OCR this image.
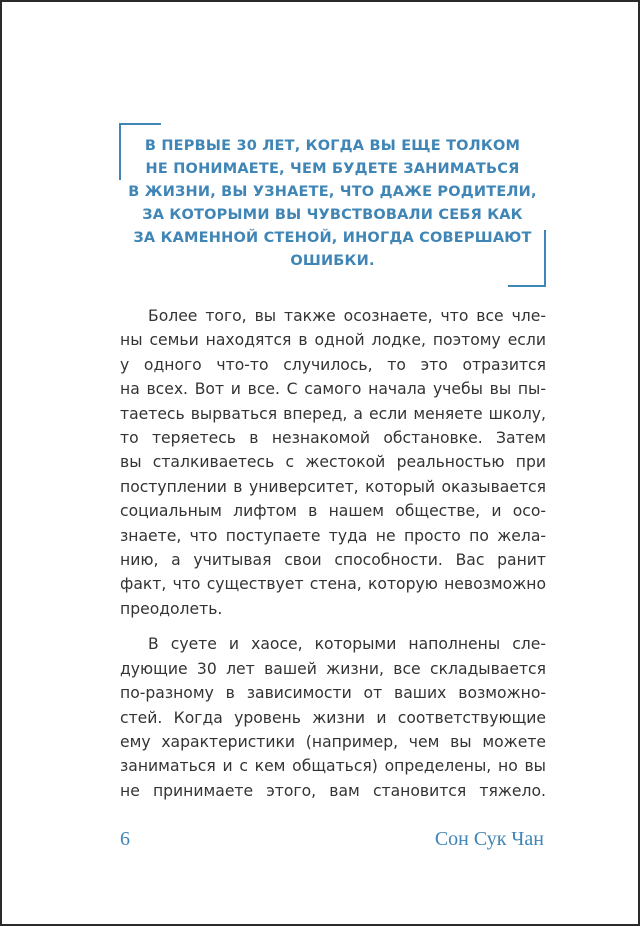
В ПЕРВЫЕ 30 ЛЕТ, КОГДА ВЫ ЕЩЕ ТОЛКОМ
НЕ ПОНИМАЕТЕ, ЧЕМ БУДЕТЕ ЗАНИМАТЬСЯ
В ЖИЗНИ, ВЫ УЗНАЕТЕ, ЧТО ДАЖЕ РОДИТЕЛИ,
ЗА КОТОРЫМИ ВЫ ЧУВСТВОВАЛИ СЕБЯ КАК
ЗА КАМЕННОЙ СТЕНОЙ, ИНОГДА СОВЕРШАЮТ
ОШИБКИ.
Более того, вы также осознаете, что все чле-
ны семьи находятся в одной лодке, поэтому если
у одного что-то случилось, то это отразится
на всех. Вот и все. С самого начала учебы вы пы-
таетесь вырваться вперед, а если меняете школу,
то теряетесь в незнакомой обстановке. Затем
вы сталкиваетесь с жестокой реальностью при
поступлении в университет, который оказывается
социальным лифтом в нашем обществе, и осо-
знаете, что поступаете туда не просто по жела-
нию, а учитывая свои способности. Вас ранит
факт, что существует стена, которую невозможно
преодолеть.
В суете и хаосе, которыми наполнены сле-
дующие 30 лет вашей жизни, все складывается
по-разному в зависимости от ваших возможно-
стей. Когда уровень жизни и соответствующие
ему характеристики (например, чем вы можете
заниматься и с кем общаться) определены, но вы
не принимаете этого, вам становится тяжело.
6	Сон Сук Чан
